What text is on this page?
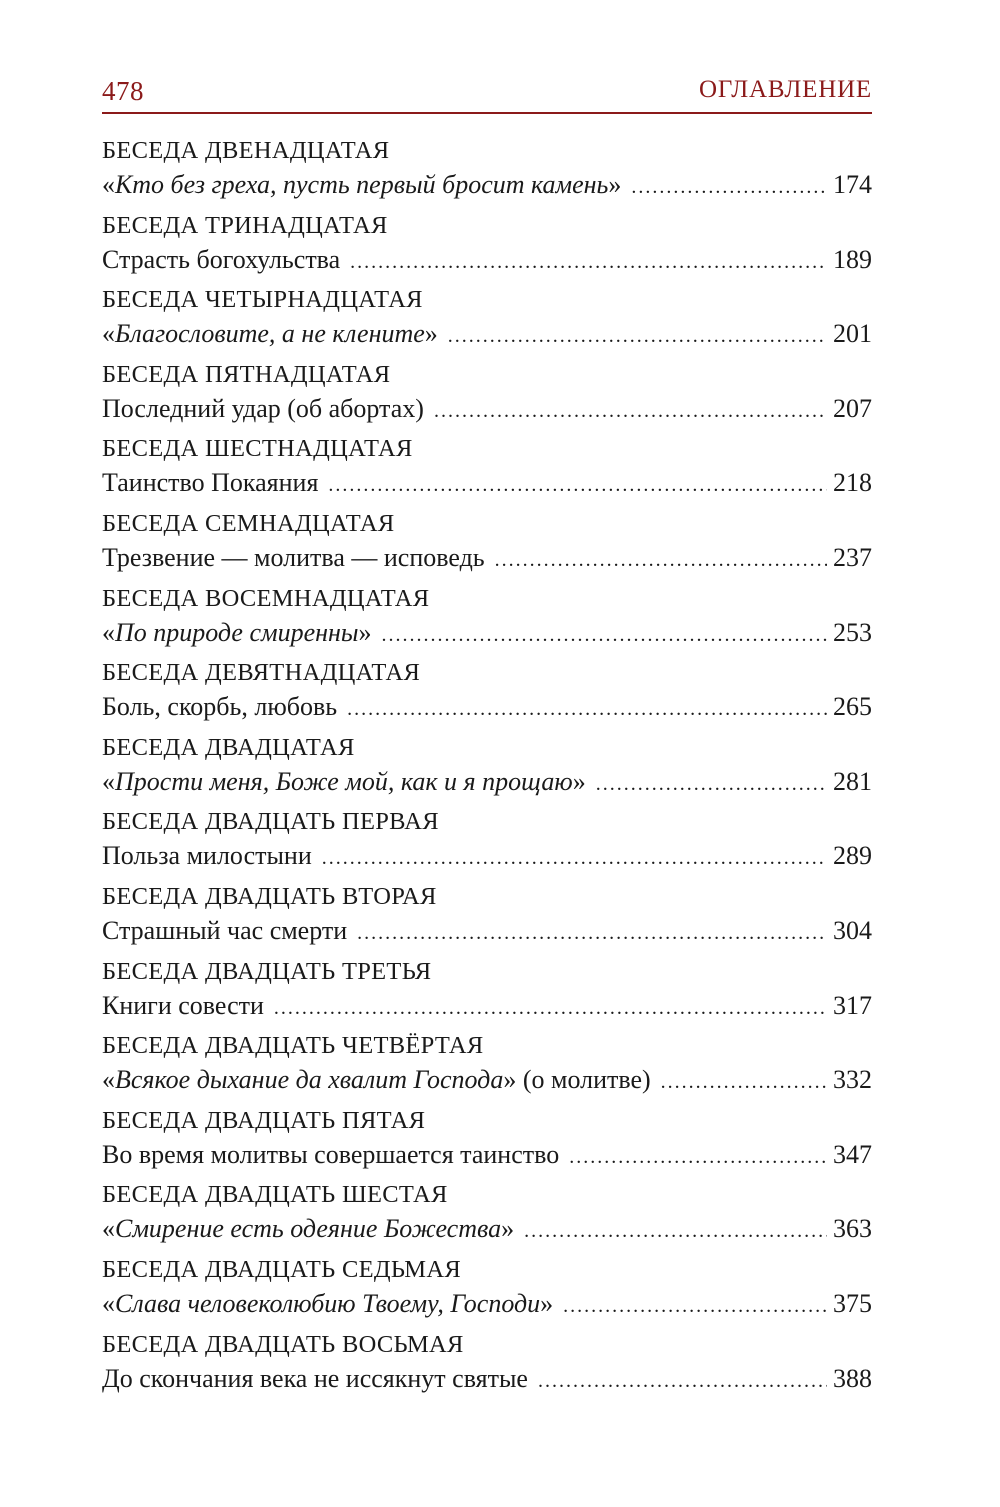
478	ОГЛАВЛЕНИЕ
БЕСЕДА ДВЕНАДЦАТАЯ
«Кто без греха, пусть первый бросит камень» .....	174
БЕСЕДА ТРИНАДЦАТАЯ
Страсть богохульства .....	189
БЕСЕДА ЧЕТЫРНАДЦАТАЯ
«Благословите, а не клените» .....	201
БЕСЕДА ПЯТНАДЦАТАЯ
Последний удар (об абортах) .....	207
БЕСЕДА ШЕСТНАДЦАТАЯ
Таинство Покаяния .....	218
БЕСЕДА СЕМНАДЦАТАЯ
Трезвение — молитва — исповедь .....	237
БЕСЕДА ВОСЕМНАДЦАТАЯ
«По природе смиренны» .....	253
БЕСЕДА ДЕВЯТНАДЦАТАЯ
Боль, скорбь, любовь .....	265
БЕСЕДА ДВАДЦАТАЯ
«Прости меня, Боже мой, как и я прощаю» .....	281
БЕСЕДА ДВАДЦАТЬ ПЕРВАЯ
Польза милостыни .....	289
БЕСЕДА ДВАДЦАТЬ ВТОРАЯ
Страшный час смерти .....	304
БЕСЕДА ДВАДЦАТЬ ТРЕТЬЯ
Книги совести .....	317
БЕСЕДА ДВАДЦАТЬ ЧЕТВЁРТАЯ
«Всякое дыхание да хвалит Господа» (о молитве) .....	332
БЕСЕДА ДВАДЦАТЬ ПЯТАЯ
Во время молитвы совершается таинство .....	347
БЕСЕДА ДВАДЦАТЬ ШЕСТАЯ
«Смирение есть одеяние Божества» .....	363
БЕСЕДА ДВАДЦАТЬ СЕДЬМАЯ
«Слава человеколюбию Твоему, Господи» .....	375
БЕСЕДА ДВАДЦАТЬ ВОСЬМАЯ
До скончания века не иссякнут святые .....	388
